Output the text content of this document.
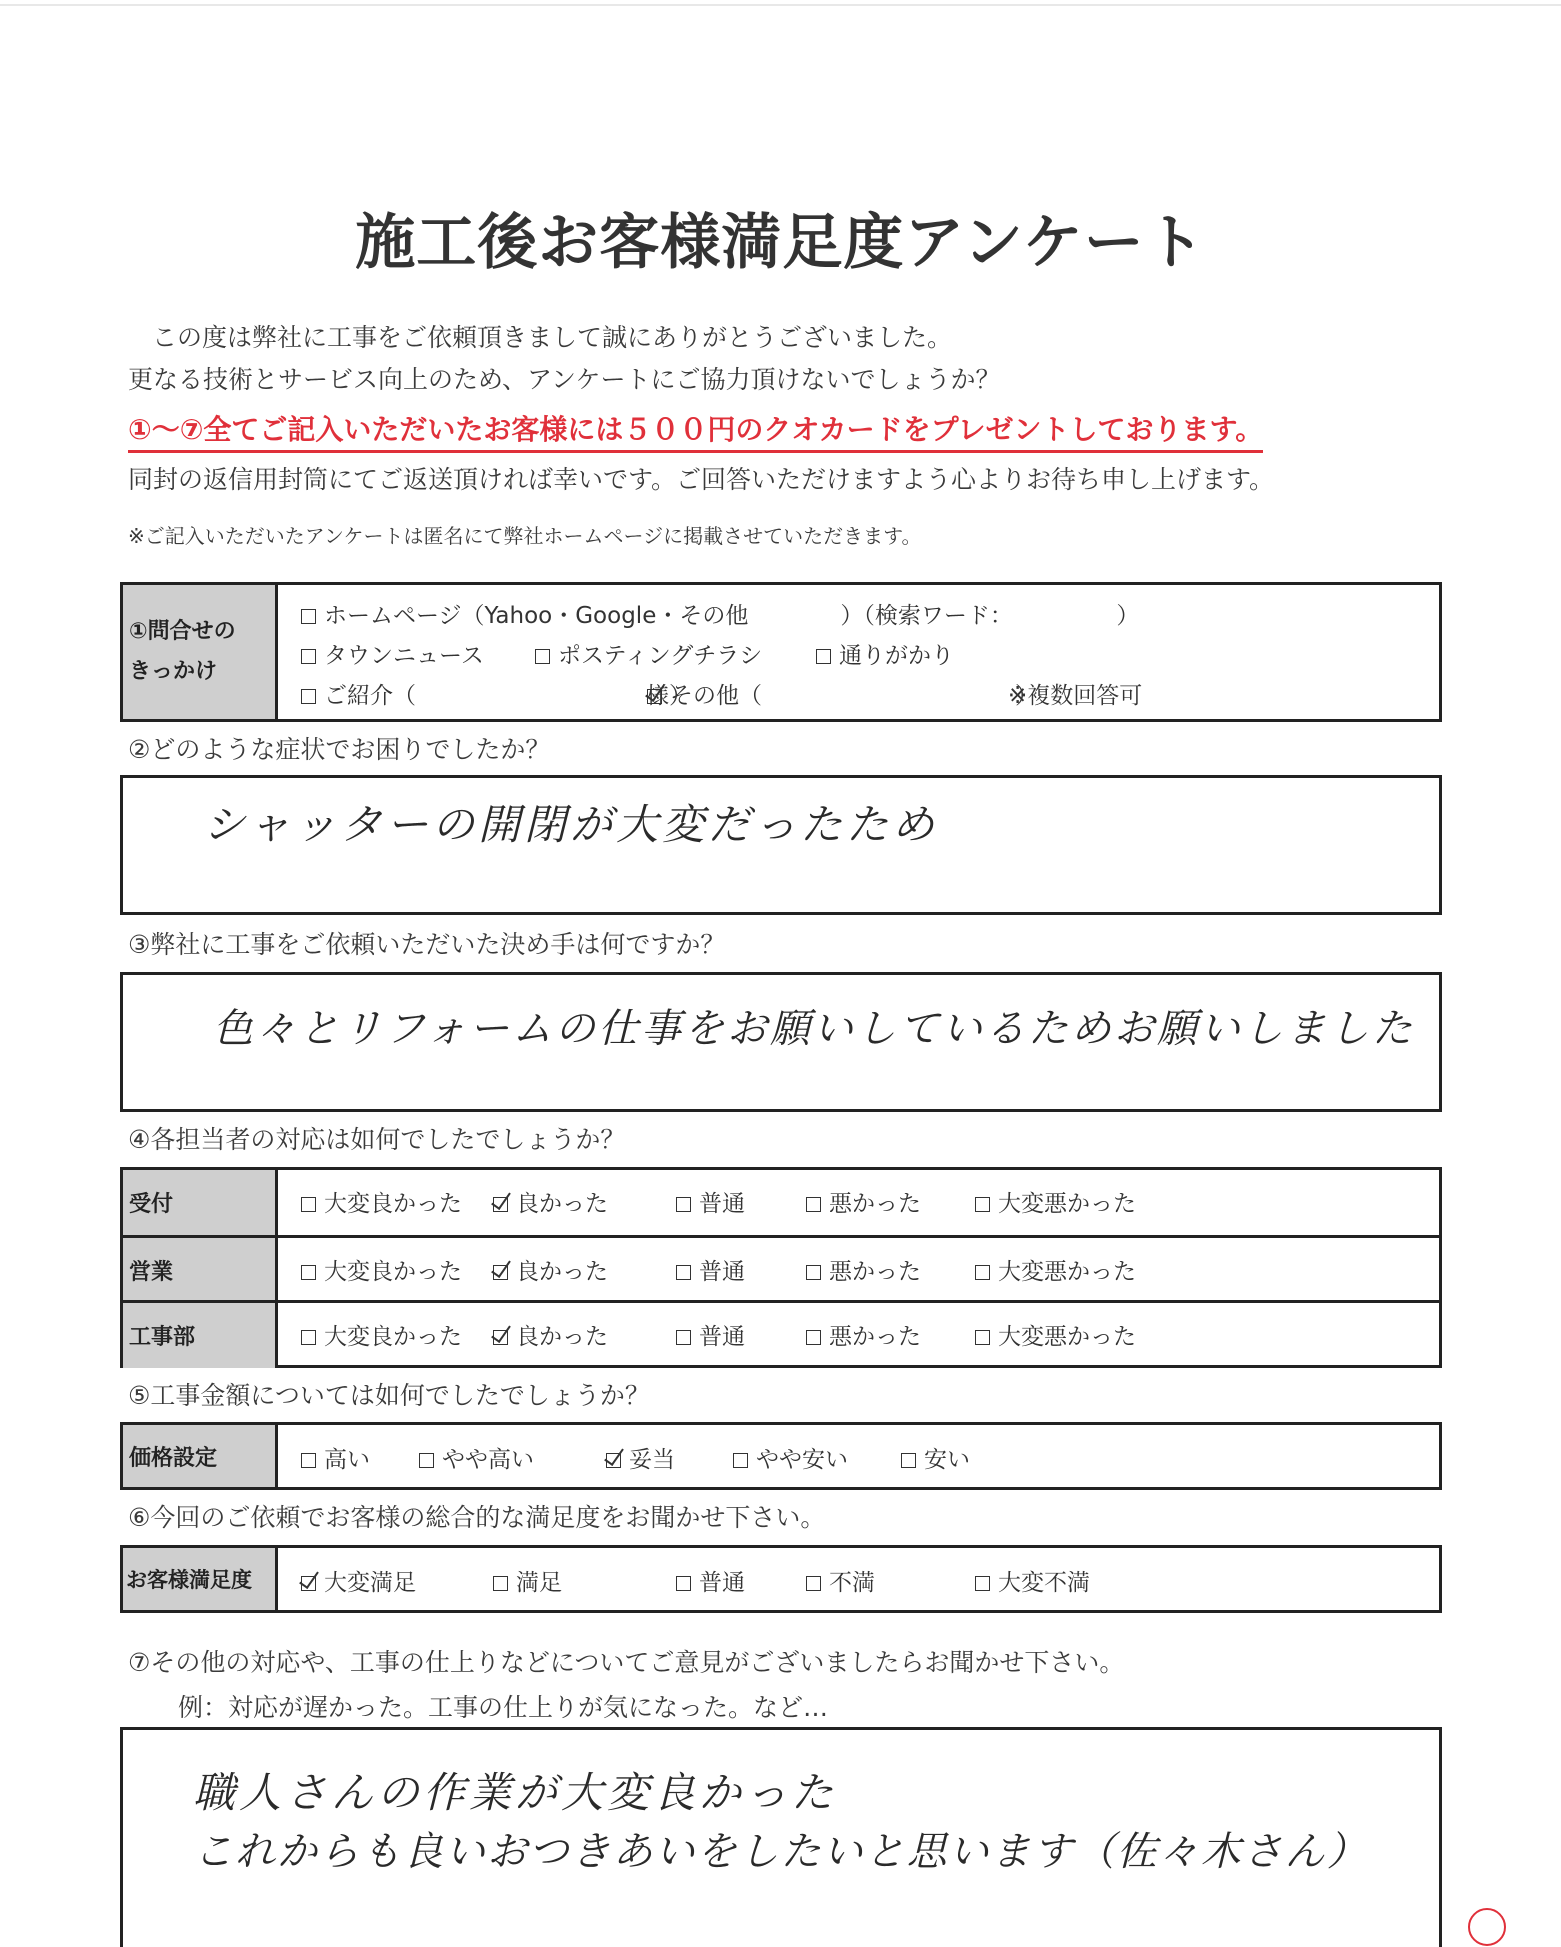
施工後お客様満足度アンケート
この度は弊社に工事をご依頼頂きまして誠にありがとうございました。
更なる技術とサービス向上のため、アンケートにご協力頂けないでしょうか？
①～⑦全てご記入いただいたお客様には５００円のクオカードをプレゼントしております。
同封の返信用封筒にてご返送頂ければ幸いです。ご回答いただけますよう心よりお待ち申し上げます。
※ご記入いただいたアンケートは匿名にて弊社ホームページに掲載させていただきます。
①問合せの
きっかけ
ホームページ（Yahoo・Google・その他　　　　）（検索ワード：　　　　　）
タウンニュース	ポスティングチラシ	通りがかり
ご紹介（　　　　　　　　　　様）
その他（　　　　　　　　　　　）
※複数回答可
②どのような症状でお困りでしたか？
シャッターの開閉が大変だったため
③弊社に工事をご依頼いただいた決め手は何ですか？
色々とリフォームの仕事をお願いしているためお願いしました
④各担当者の対応は如何でしたでしょうか？
受付	大変良かった	良かった	普通	悪かった	大変悪かった
営業	大変良かった	良かった	普通	悪かった	大変悪かった
工事部	大変良かった	良かった	普通	悪かった	大変悪かった
⑤工事金額については如何でしたでしょうか？
価格設定	高い	やや高い	妥当	やや安い	安い
⑥今回のご依頼でお客様の総合的な満足度をお聞かせ下さい。
お客様満足度	大変満足	満足	普通	不満	大変不満
⑦その他の対応や、工事の仕上りなどについてご意見がございましたらお聞かせ下さい。
例：対応が遅かった。工事の仕上りが気になった。など…
職人さんの作業が大変良かった
これからも良いおつきあいをしたいと思います（佐々木さん）
